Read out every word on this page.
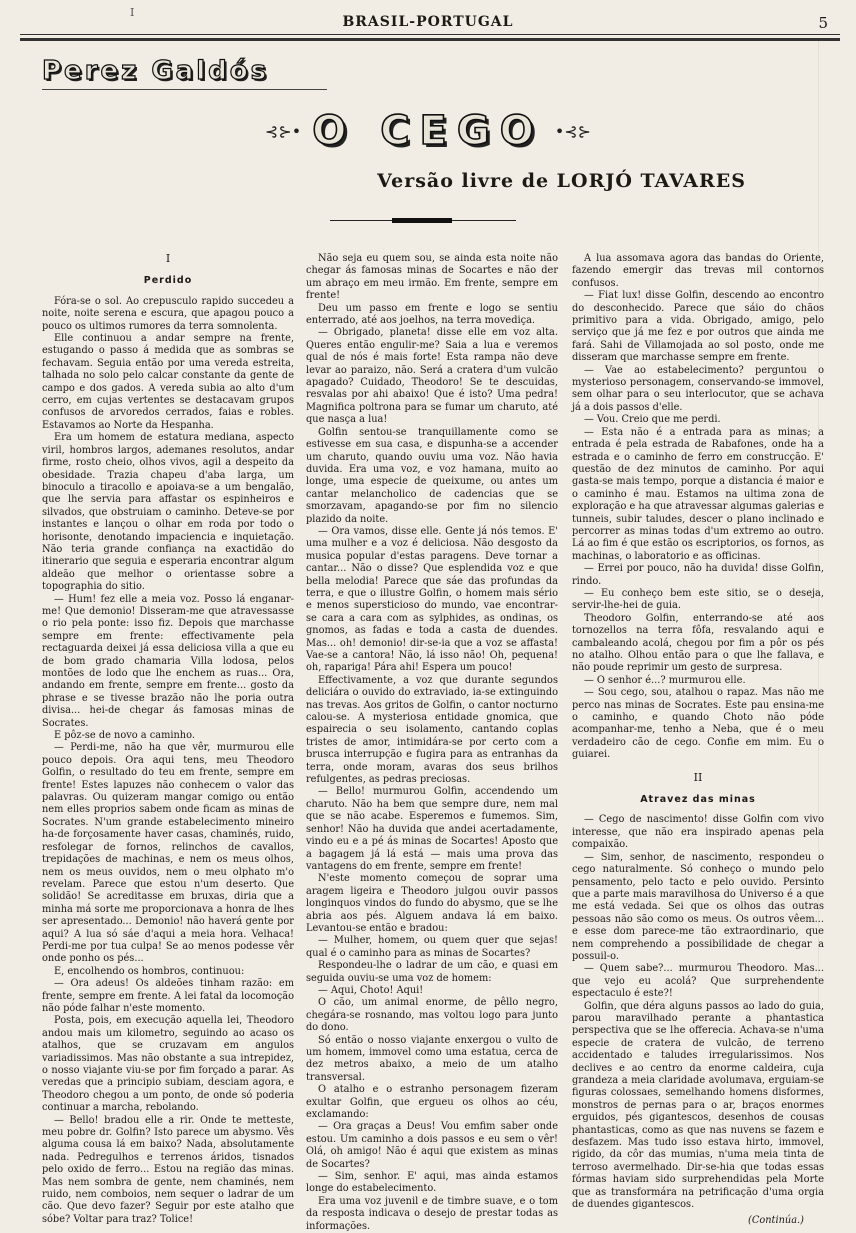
I
BRASIL-PORTUGAL	5
Perez Galdós
⊰⊱• O CEGO •⊰⊱
Versão livre de LORJÓ TAVARES

I

Perdido

Fóra-se o sol. Ao crepusculo rapido succedeu a noite, noite serena e escura, que apagou pouco a pouco os ultimos rumores da terra somnolenta.

Elle continuou a andar sempre na frente, estugando o passo á medida que as sombras se fechavam. Seguia então por uma vereda estreita, talhada no solo pelo calcar constante da gente de campo e dos gados. A vereda subia ao alto d'um cerro, em cujas vertentes se destacavam grupos confusos de arvoredos cerrados, faias e robles. Estavamos ao Norte da Hespanha.

Era um homem de estatura mediana, aspecto viril, hombros largos, ademanes resolutos, andar firme, rosto cheio, olhos vivos, agil a despeito da obesidade. Trazia chapeu d'aba larga, um binoculo a tiracollo e apoiava-se a um bengalão, que lhe servia para affastar os espinheiros e silvados, que obstruiam o caminho. Deteve-se por instantes e lançou o olhar em roda por todo o horisonte, denotando impaciencia e inquietação. Não teria grande confiança na exactidão do itinerario que seguia e esperaria encontrar algum aldeão que melhor o orientasse sobre a topographia do sitio.

— Hum! fez elle a meia voz. Posso lá enganar-me! Que demonio! Disseram-me que atravessasse o rio pela ponte: isso fiz. Depois que marchasse sempre em frente: effectivamente pela rectaguarda deixei já essa deliciosa villa a que eu de bom grado chamaria Villa lodosa, pelos montões de lodo que lhe enchem as ruas... Ora, andando em frente, sempre em frente... gosto da phrase e se tivesse brazão não lhe poria outra divisa... hei-de chegar ás famosas minas de Socrates.

E pôz-se de novo a caminho.

— Perdi-me, não ha que vêr, murmurou elle pouco depois. Ora aqui tens, meu Theodoro Golfin, o resultado do teu em frente, sempre em frente! Estes lapuzes não conhecem o valor das palavras. Ou quizeram mangar comigo ou então nem elles proprios sabem onde ficam as minas de Socrates. N'um grande estabelecimento mineiro ha-de forçosamente haver casas, chaminés, ruido, resfolegar de fornos, relinchos de cavallos, trepidações de machinas, e nem os meus olhos, nem os meus ouvidos, nem o meu olphato m'o revelam. Parece que estou n'um deserto. Que solidão! Se acreditasse em bruxas, diria que a minha má sorte me proporcionava a honra de lhes ser apresentado... Demonio! não haverá gente por aqui? A lua só sáe d'aqui a meia hora. Velhaca! Perdi-me por tua culpa! Se ao menos podesse vêr onde ponho os pés...

E, encolhendo os hombros, continuou:

— Ora adeus! Os aldeões tinham razão: em frente, sempre em frente. A lei fatal da locomoção não póde falhar n'este momento.

Posta, pois, em execução aquella lei, Theodoro andou mais um kilometro, seguindo ao acaso os atalhos, que se cruzavam em angulos variadissimos. Mas não obstante a sua intrepidez, o nosso viajante viu-se por fim forçado a parar. As veredas que a principio subiam, desciam agora, e Theodoro chegou a um ponto, de onde só poderia continuar a marcha, rebolando.

— Bello! bradou elle a rir. Onde te metteste, meu pobre dr. Golfin? Isto parece um abysmo. Vês alguma cousa lá em baixo? Nada, absolutamente nada. Pedregulhos e terrenos áridos, tisnados pelo oxido de ferro... Estou na região das minas. Mas nem sombra de gente, nem chaminés, nem ruido, nem comboios, nem sequer o ladrar de um cão. Que devo fazer? Seguir por este atalho que sóbe? Voltar para traz? Tolice!

Não seja eu quem sou, se ainda esta noite não chegar ás famosas minas de Socartes e não der um abraço em meu irmão. Em frente, sempre em frente!

Deu um passo em frente e logo se sentiu enterrado, até aos joelhos, na terra movediça.

— Obrigado, planeta! disse elle em voz alta. Queres então engulir-me? Saia a lua e veremos qual de nós é mais forte! Esta rampa não deve levar ao paraizo, não. Será a cratera d'um vulcão apagado? Cuidado, Theodoro! Se te descuidas, resvalas por ahi abaixo! Que é isto? Uma pedra! Magnifica poltrona para se fumar um charuto, até que nasça a lua!

Golfin sentou-se tranquillamente como se estivesse em sua casa, e dispunha-se a accender um charuto, quando ouviu uma voz. Não havia duvida. Era uma voz, e voz hamana, muito ao longe, uma especie de queixume, ou antes um cantar melancholico de cadencias que se smorzavam, apagando-se por fim no silencio plazido da noite.

— Ora vamos, disse elle. Gente já nós temos. E' uma mulher e a voz é deliciosa. Não desgosto da musica popular d'estas paragens. Deve tornar a cantar... Não o disse? Que esplendida voz e que bella melodia! Parece que sáe das profundas da terra, e que o illustre Golfin, o homem mais sério e menos supersticioso do mundo, vae encontrar-se cara a cara com as sylphides, as ondinas, os gnomos, as fadas e toda a casta de duendes. Mas... oh! demonio! dir-se-ia que a voz se affasta! Vae-se a cantora! Não, lá isso não! Oh, pequena! oh, rapariga! Pára ahi! Espera um pouco!

Effectivamente, a voz que durante segundos deliciára o ouvido do extraviado, ia-se extinguindo nas trevas. Aos gritos de Golfin, o cantor nocturno calou-se. A mysteriosa entidade gnomica, que espairecia o seu isolamento, cantando coplas tristes de amor, intimidára-se por certo com a brusca interrupção e fugira para as entranhas da terra, onde moram, avaras dos seus brilhos refulgentes, as pedras preciosas.

— Bello! murmurou Golfin, accendendo um charuto. Não ha bem que sempre dure, nem mal que se não acabe. Esperemos e fumemos. Sim, senhor! Não ha duvida que andei acertadamente, vindo eu e a pé ás minas de Socartes! Aposto que a bagagem já lá está — mais uma prova das vantagens do em frente, sempre em frente!

N'este momento começou de soprar uma aragem ligeira e Theodoro julgou ouvir passos longinquos vindos do fundo do abysmo, que se lhe abria aos pés. Alguem andava lá em baixo. Levantou-se então e bradou:

— Mulher, homem, ou quem quer que sejas! qual é o caminho para as minas de Socartes?

Respondeu-lhe o ladrar de um cão, e quasi em seguida ouviu-se uma voz de homem:

— Aqui, Choto! Aqui!

O cão, um animal enorme, de pêllo negro, chegára-se rosnando, mas voltou logo para junto do dono.

Só então o nosso viajante enxergou o vulto de um homem, immovel como uma estatua, cerca de dez metros abaixo, a meio de um atalho transversal.

O atalho e o estranho personagem fizeram exultar Golfin, que ergueu os olhos ao céu, exclamando:

— Ora graças a Deus! Vou emfim saber onde estou. Um caminho a dois passos e eu sem o vêr! Olá, oh amigo! Não é aqui que existem as minas de Socartes?

— Sim, senhor. E' aqui, mas ainda estamos longe do estabelecimento.

Era uma voz juvenil e de timbre suave, e o tom da resposta indicava o desejo de prestar todas as informações.

A lua assomava agora das bandas do Oriente, fazendo emergir das trevas mil contornos confusos.

— Fiat lux! disse Golfin, descendo ao encontro do desconhecido. Parece que sáio do chãos primitivo para a vida. Obrigado, amigo, pelo serviço que já me fez e por outros que ainda me fará. Sahi de Villamojada ao sol posto, onde me disseram que marchasse sempre em frente.

— Vae ao estabelecimento? perguntou o mysterioso personagem, conservando-se immovel, sem olhar para o seu interlocutor, que se achava já a dois passos d'elle.

— Vou. Creio que me perdi.

— Esta não é a entrada para as minas; a entrada é pela estrada de Rabafones, onde ha a estrada e o caminho de ferro em construcção. E' questão de dez minutos de caminho. Por aqui gasta-se mais tempo, porque a distancia é maior e o caminho é mau. Estamos na ultima zona de exploração e ha que atravessar algumas galerias e tunneis, subir taludes, descer o plano inclinado e percorrer as minas todas d'um extremo ao outro. Lá ao fim é que estão os escriptorios, os fornos, as machinas, o laboratorio e as officinas.

— Errei por pouco, não ha duvida! disse Golfin, rindo.

— Eu conheço bem este sitio, se o deseja, servir-lhe-hei de guia.

Theodoro Golfin, enterrando-se até aos tornozellos na terra fôfa, resvalando aqui e cambaleando acolá, chegou por fim a pôr os pés no atalho. Olhou então para o que lhe fallava, e não poude reprimir um gesto de surpresa.

— O senhor é...? murmurou elle.

— Sou cego, sou, atalhou o rapaz. Mas não me perco nas minas de Socrates. Este pau ensina-me o caminho, e quando Choto não póde acompanhar-me, tenho a Neba, que é o meu verdadeiro cão de cego. Confie em mim. Eu o guiarei.

II

Atravez das minas

— Cego de nascimento! disse Golfin com vivo interesse, que não era inspirado apenas pela compaixão.

— Sim, senhor, de nascimento, respondeu o cego naturalmente. Só conheço o mundo pelo pensamento, pelo tacto e pelo ouvido. Persinto que a parte mais maravilhosa do Universo é a que me está vedada. Sei que os olhos das outras pessoas não são como os meus. Os outros vêem... e esse dom parece-me tão extraordinario, que nem comprehendo a possibilidade de chegar a possuil-o.

— Quem sabe?... murmurou Theodoro. Mas... que vejo eu acolá? Que surprehendente espectaculo é este?!

Golfin, que déra alguns passos ao lado do guia, parou maravilhado perante a phantastica perspectiva que se lhe offerecia. Achava-se n'uma especie de cratera de vulcão, de terreno accidentado e taludes irregularissimos. Nos declives e ao centro da enorme caldeira, cuja grandeza a meia claridade avolumava, erguiam-se figuras colossaes, semelhando homens disformes, monstros de pernas para o ar, braços enormes erguidos, pés gigantescos, desenhos de cousas phantasticas, como as que nas nuvens se fazem e desfazem. Mas tudo isso estava hirto, immovel, rigido, da côr das mumias, n'uma meia tinta de terroso avermelhado. Dir-se-hia que todas essas fórmas haviam sido surprehendidas pela Morte que as transformára na petrificação d'uma orgia de duendes gigantescos.

(Continúa.)
